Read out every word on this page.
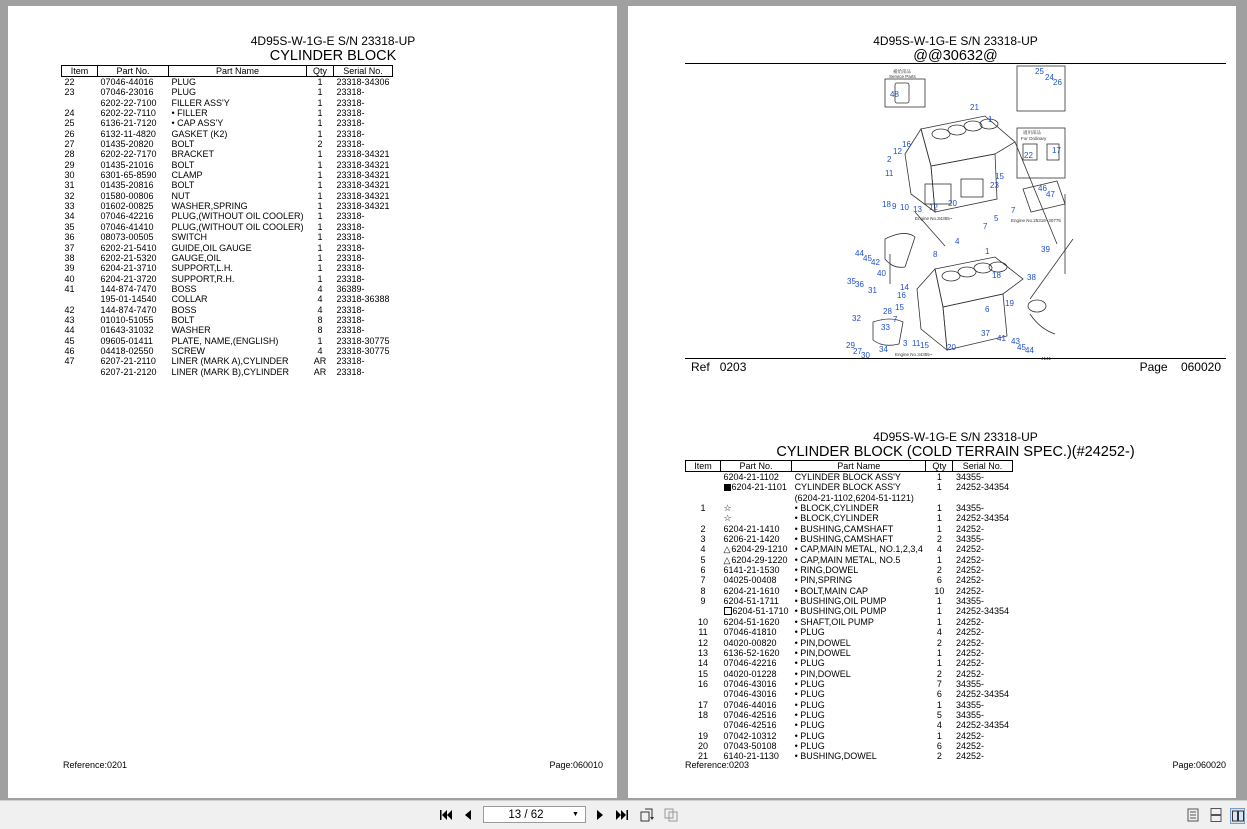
4D95S-W-1G-E S/N 23318-UP
CYLINDER BLOCK
Item	Part No.	Part Name	Qty	Serial No.
22	07046-44016	PLUG	1	23318-34306
23	07046-23016	PLUG	1	23318-
	6202-22-7100	FILLER ASS'Y	1	23318-
24	6202-22-7110	• FILLER	1	23318-
25	6136-21-7120	• CAP ASS'Y	1	23318-
26	6132-11-4820	GASKET (K2)	1	23318-
27	01435-20820	BOLT	2	23318-
28	6202-22-7170	BRACKET	1	23318-34321
29	01435-21016	BOLT	1	23318-34321
30	6301-65-8590	CLAMP	1	23318-34321
31	01435-20816	BOLT	1	23318-34321
32	01580-00806	NUT	1	23318-34321
33	01602-00825	WASHER,SPRING	1	23318-34321
34	07046-42216	PLUG,(WITHOUT OIL COOLER)	1	23318-
35	07046-41410	PLUG,(WITHOUT OIL COOLER)	1	23318-
36	08073-00505	SWITCH	1	23318-
37	6202-21-5410	GUIDE,OIL GAUGE	1	23318-
38	6202-21-5320	GAUGE,OIL	1	23318-
39	6204-21-3710	SUPPORT,L.H.	1	23318-
40	6204-21-3720	SUPPORT,R.H.	1	23318-
41	144-874-7470	BOSS	4	36389-
	195-01-14540	COLLAR	4	23318-36388
42	144-874-7470	BOSS	4	23318-
43	01010-51055	BOLT	8	23318-
44	01643-31032	WASHER	8	23318-
45	09605-01411	PLATE, NAME,(ENGLISH)	1	23318-30775
46	04418-02550	SCREW	4	23318-30775
47	6207-21-2110	LINER (MARK A),CYLINDER	AR	23318-
	6207-21-2120	LINER (MARK B),CYLINDER	AR	23318-
Reference:0201	Page:060010
4D95S-W-1G-E S/N 23318-UP
@@30632@
48
21
1
25
24
26
22
17
16
12
2
11	15
23
18 9 10 13 12 20
7
5
7
46
47
4
8	1
44
45 42
40
39
35 36
31	14
16
28 15
7
33
32
29
27 30
34
3 11 15
37
20
41 43
45 44
18	38
19
6
補給部品
Service Parts
適用部品
For Ordinary
Engine No.34355~	Engine No.25318~30775
Engine No.34355~
4141
Ref 0203	Page 060020
4D95S-W-1G-E S/N 23318-UP
CYLINDER BLOCK (COLD TERRAIN SPEC.)(#24252-)
Item	Part No.	Part Name	Qty	Serial No.
	6204-21-1102	CYLINDER BLOCK ASS'Y	1	34355-
	6204-21-1101	CYLINDER BLOCK ASS'Y	1	24252-34354
		(6204-21-1102,6204-51-1121)		
1	☆	• BLOCK,CYLINDER	1	34355-
	☆	• BLOCK,CYLINDER	1	24252-34354
2	6204-21-1410	• BUSHING,CAMSHAFT	1	24252-
3	6206-21-1420	• BUSHING,CAMSHAFT	2	34355-
4	△6204-29-1210	• CAP,MAIN METAL, NO.1,2,3,4	4	24252-
5	△6204-29-1220	• CAP,MAIN METAL, NO.5	1	24252-
6	6141-21-1530	• RING,DOWEL	2	24252-
7	04025-00408	• PIN,SPRING	6	24252-
8	6204-21-1610	• BOLT,MAIN CAP	10	24252-
9	6204-51-1711	• BUSHING,OIL PUMP	1	34355-
	6204-51-1710	• BUSHING,OIL PUMP	1	24252-34354
10	6204-51-1620	• SHAFT,OIL PUMP	1	24252-
11	07046-41810	• PLUG	4	24252-
12	04020-00820	• PIN,DOWEL	2	24252-
13	6136-52-1620	• PIN,DOWEL	1	24252-
14	07046-42216	• PLUG	1	24252-
15	04020-01228	• PIN,DOWEL	2	24252-
16	07046-43016	• PLUG	7	34355-
	07046-43016	• PLUG	6	24252-34354
17	07046-44016	• PLUG	1	34355-
18	07046-42516	• PLUG	5	34355-
	07046-42516	• PLUG	4	24252-34354
19	07042-10312	• PLUG	1	24252-
20	07043-50108	• PLUG	6	24252-
21	6140-21-1130	• BUSHING,DOWEL	2	24252-
Reference:0203	Page:060020
13 / 62
▼
